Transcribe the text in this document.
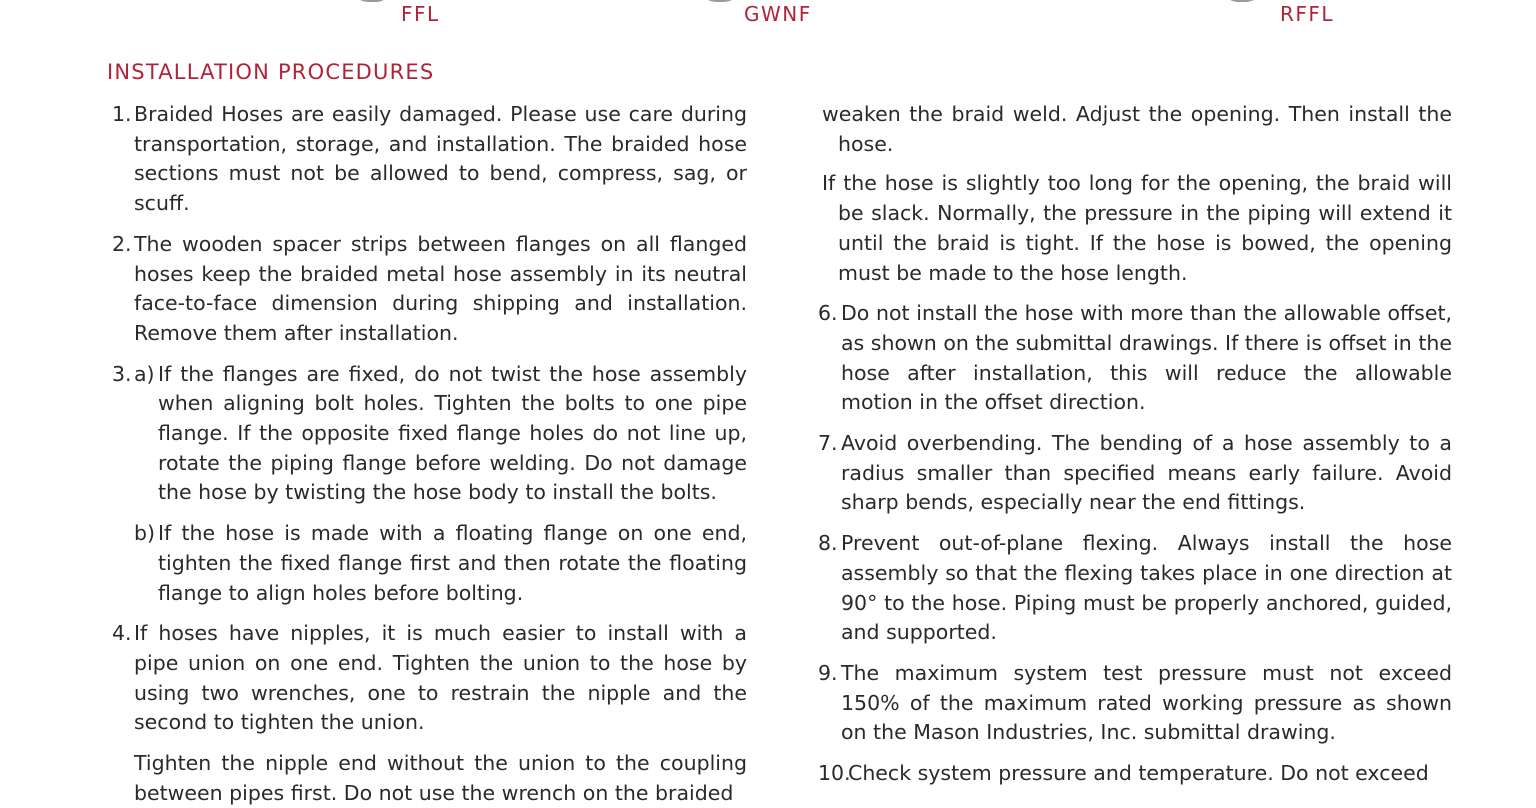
FFL	GWNF	RFFL
INSTALLATION PROCEDURES
1. Braided Hoses are easily damaged. Please use care during transportation, storage, and installation. The braided hose sections must not be allowed to bend, compress, sag, or scuff.
2. The wooden spacer strips between flanges on all flanged hoses keep the braided metal hose assembly in its neutral face-to-face dimension during shipping and installation. Remove them after installation.
3. a) If the flanges are fixed, do not twist the hose assembly when aligning bolt holes. Tighten the bolts to one pipe flange. If the opposite fixed flange holes do not line up, rotate the piping flange before welding. Do not damage the hose by twisting the hose body to install the bolts.
b) If the hose is made with a floating flange on one end, tighten the fixed flange first and then rotate the floating flange to align holes before bolting.
4. If hoses have nipples, it is much easier to install with a pipe union on one end. Tighten the union to the hose by using two wrenches, one to restrain the nipple and the second to tighten the union.
Tighten the nipple end without the union to the coupling between pipes first. Do not use the wrench on the braided
weaken the braid weld. Adjust the opening. Then install the hose.
If the hose is slightly too long for the opening, the braid will be slack. Normally, the pressure in the piping will extend it until the braid is tight. If the hose is bowed, the opening must be made to the hose length.
6. Do not install the hose with more than the allowable offset, as shown on the submittal drawings. If there is offset in the hose after installation, this will reduce the allowable motion in the offset direction.
7. Avoid overbending. The bending of a hose assembly to a radius smaller than specified means early failure. Avoid sharp bends, especially near the end fittings.
8. Prevent out-of-plane flexing. Always install the hose assembly so that the flexing takes place in one direction at 90° to the hose. Piping must be properly anchored, guided, and supported.
9. The maximum system test pressure must not exceed 150% of the maximum rated working pressure as shown on the Mason Industries, Inc. submittal drawing.
10.
Check system pressure and temperature. Do not exceed
